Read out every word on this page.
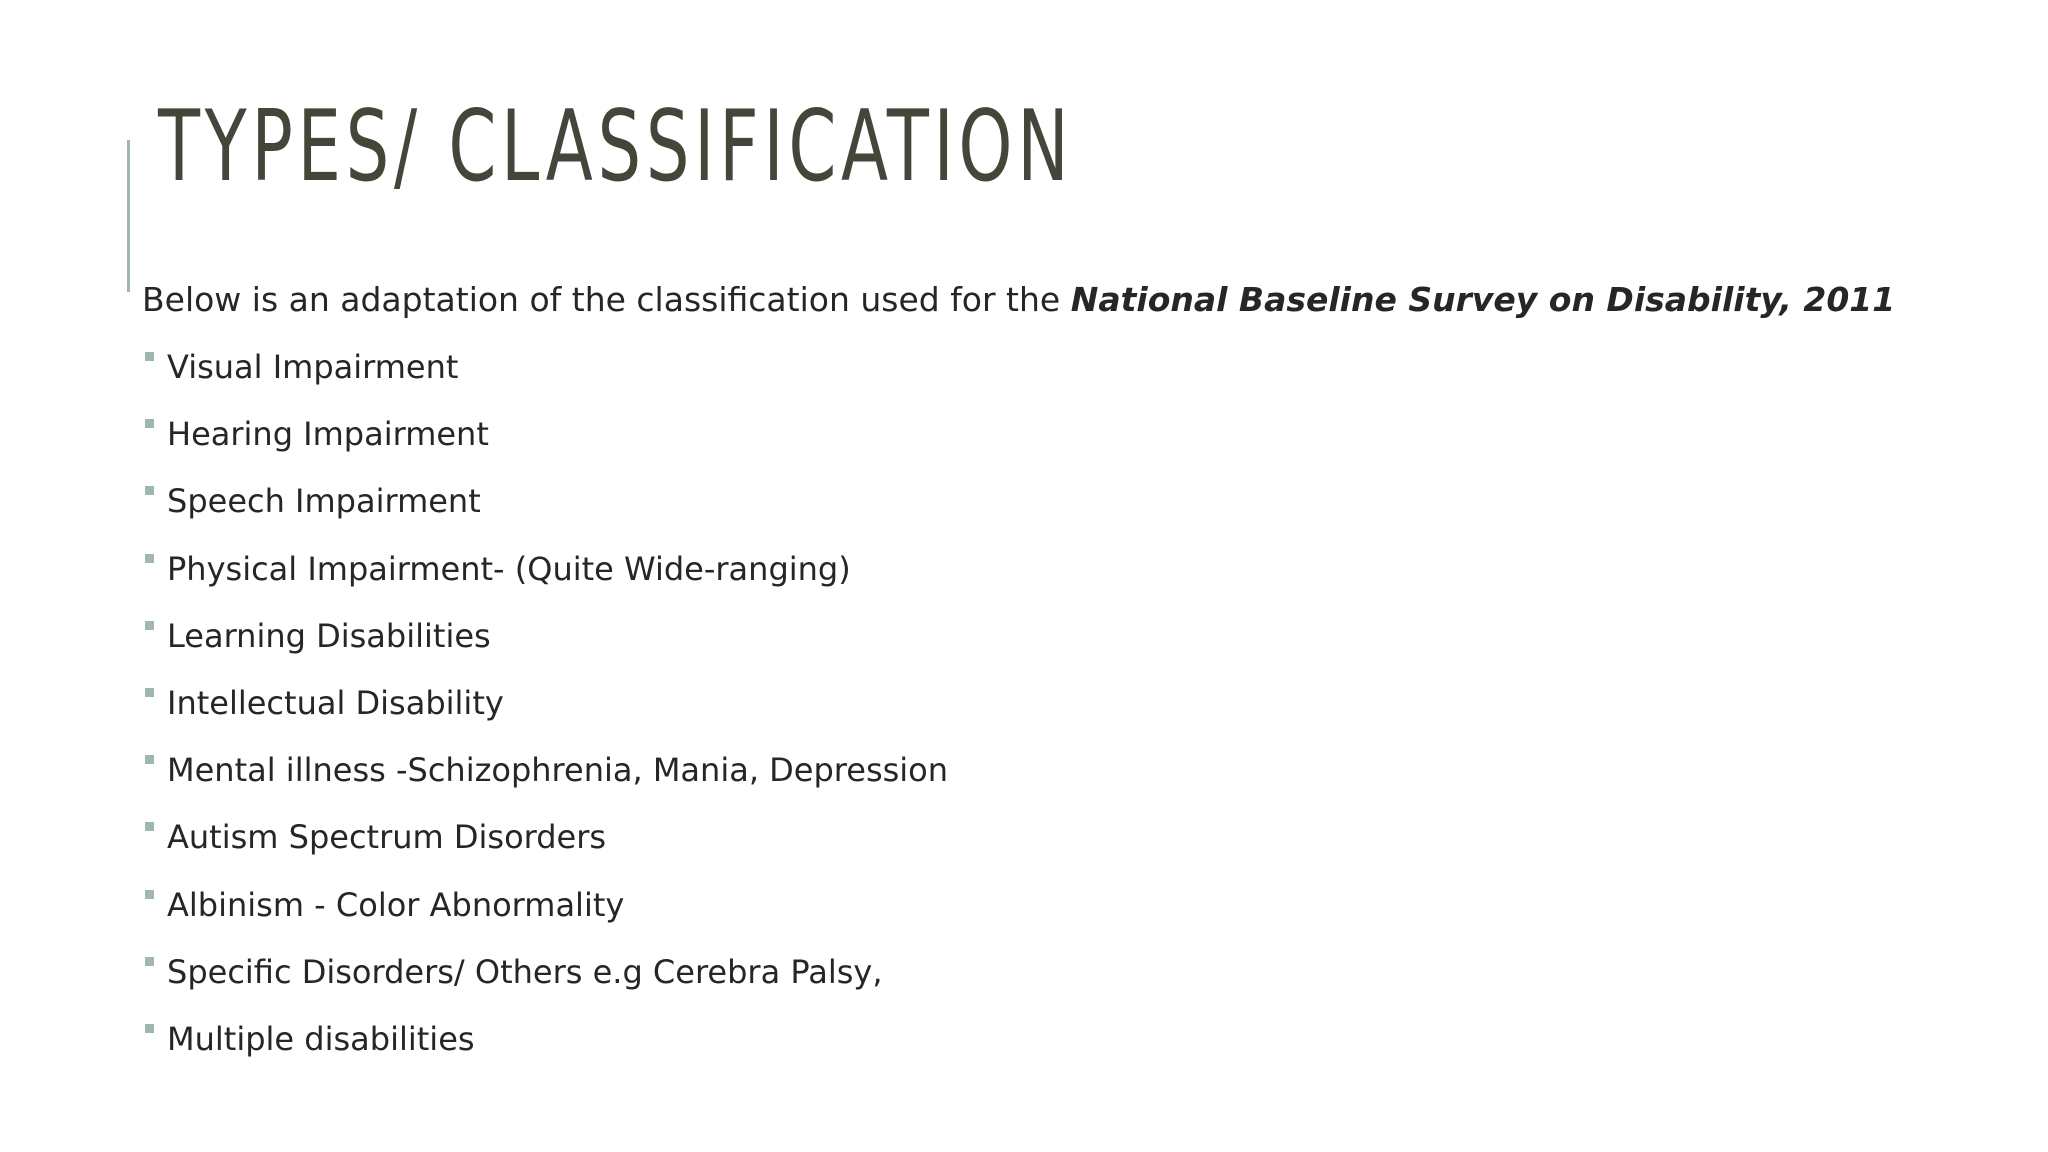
TYPES/ CLASSIFICATION

Below is an adaptation of the classification used for the National Baseline Survey on Disability, 2011

Visual Impairment
Hearing Impairment
Speech Impairment
Physical Impairment- (Quite Wide-ranging)
Learning Disabilities
Intellectual Disability
Mental illness -Schizophrenia, Mania, Depression
Autism Spectrum Disorders
Albinism - Color Abnormality
Specific Disorders/ Others e.g Cerebra Palsy,
Multiple disabilities
